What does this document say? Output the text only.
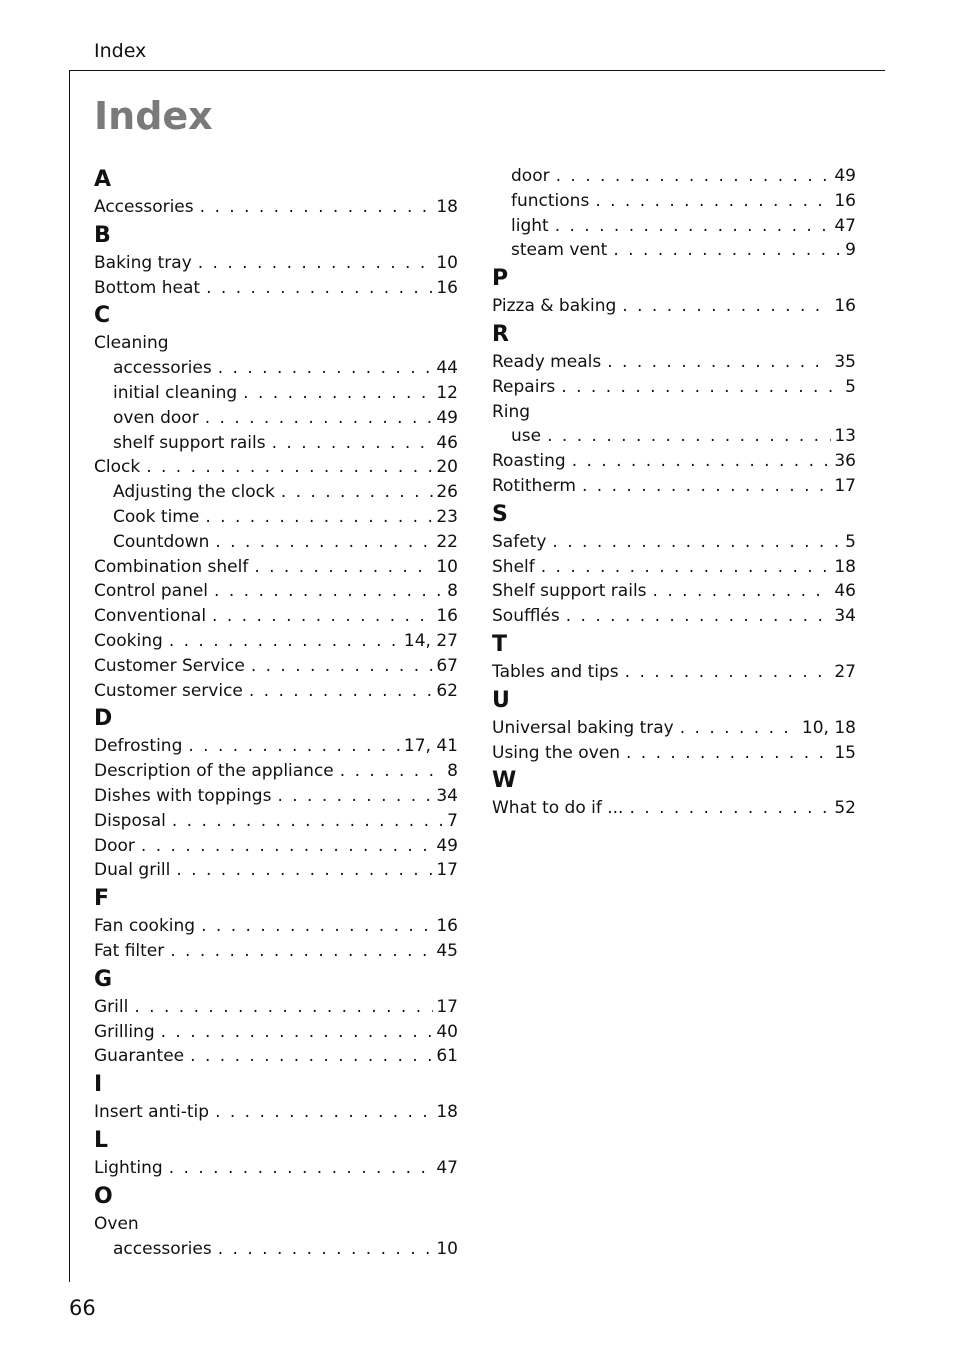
Index
Index
A
Accessories . . .	18
B
Baking tray . . .	10
Bottom heat . . .	16
C
Cleaning
accessories . . .	44
initial cleaning . . .	12
oven door . . .	49
shelf support rails . . .	46
Clock . . .	20
Adjusting the clock . . .	26
Cook time . . .	23
Countdown . . .	22
Combination shelf . . .	10
Control panel . . .	8
Conventional . . .	16
Cooking . . .	14, 27
Customer Service . . .	67
Customer service . . .	62
D
Defrosting . . .	17, 41
Description of the appliance . . .	8
Dishes with toppings . . .	34
Disposal . . .	7
Door . . .	49
Dual grill . . .	17
F
Fan cooking . . .	16
Fat filter . . .	45
G
Grill . . .	17
Grilling . . .	40
Guarantee . . .	61
I
Insert anti-tip . . .	18
L
Lighting . . .	47
O
Oven
accessories . . .	10
door . . .	49
functions . . .	16
light . . .	47
steam vent . . .	9
P
Pizza & baking . . .	16
R
Ready meals . . .	35
Repairs . . .	5
Ring
use . . .	13
Roasting . . .	36
Rotitherm . . .	17
S
Safety . . .	5
Shelf . . .	18
Shelf support rails . . .	46
Soufflés . . .	34
T
Tables and tips . . .	27
U
Universal baking tray . . .	10, 18
Using the oven . . .	15
W
What to do if ... . . .	52
66
